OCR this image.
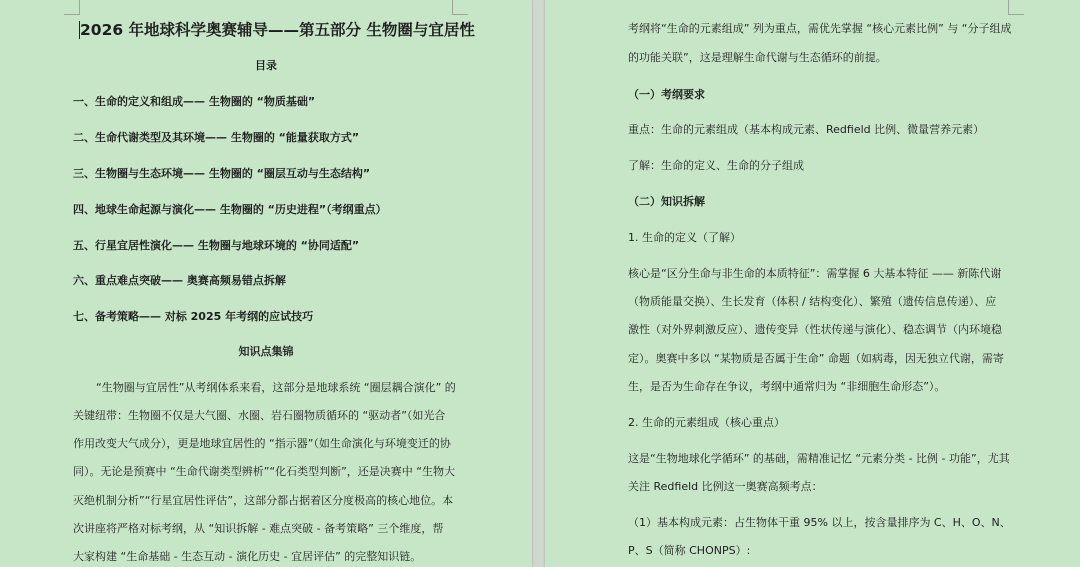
2026 年地球科学奥赛辅导——第五部分 生物圈与宜居性
目录
一、生命的定义和组成—— 生物圈的 “物质基础”
二、生命代谢类型及其环境—— 生物圈的 “能量获取方式”
三、生物圈与生态环境—— 生物圈的 “圈层互动与生态结构”
四、地球生命起源与演化—— 生物圈的 “历史进程”（考纲重点）
五、行星宜居性演化—— 生物圈与地球环境的 “协同适配”
六、重点难点突破—— 奥赛高频易错点拆解
七、备考策略—— 对标 2025 年考纲的应试技巧
知识点集锦
“生物圈与宜居性”从考纲体系来看，这部分是地球系统 “圈层耦合演化” 的
关键纽带：生物圈不仅是大气圈、水圈、岩石圈物质循环的 “驱动者”（如光合
作用改变大气成分），更是地球宜居性的 “指示器”（如生命演化与环境变迁的协
同）。无论是预赛中 “生命代谢类型辨析”“化石类型判断”，还是决赛中 “生物大
灭绝机制分析”“行星宜居性评估”，这部分都占据着区分度极高的核心地位。本
次讲座将严格对标考纲，从 “知识拆解 - 难点突破 - 备考策略” 三个维度，帮
大家构建 “生命基础 - 生态互动 - 演化历史 - 宜居评估” 的完整知识链。
考纲将“生命的元素组成” 列为重点，需优先掌握 “核心元素比例” 与 “分子组成
的功能关联”，这是理解生命代谢与生态循环的前提。
（一）考纲要求
重点：生命的元素组成（基本构成元素、Redfield 比例、微量营养元素）
了解：生命的定义、生命的分子组成
（二）知识拆解
1. 生命的定义（了解）
核心是“区分生命与非生命的本质特征”：需掌握 6 大基本特征 —— 新陈代谢
（物质能量交换）、生长发育（体积 / 结构变化）、繁殖（遗传信息传递）、应
激性（对外界刺激反应）、遗传变异（性状传递与演化）、稳态调节（内环境稳
定）。奥赛中多以 “某物质是否属于生命” 命题（如病毒，因无独立代谢，需寄
生，是否为生命存在争议，考纲中通常归为 “非细胞生命形态”）。
2. 生命的元素组成（核心重点）
这是“生物地球化学循环” 的基础，需精准记忆 “元素分类 - 比例 - 功能”，尤其
关注 Redfield 比例这一奥赛高频考点：
（1）基本构成元素：占生物体干重 95% 以上，按含量排序为 C、H、O、N、
P、S（简称 CHONPS）:
